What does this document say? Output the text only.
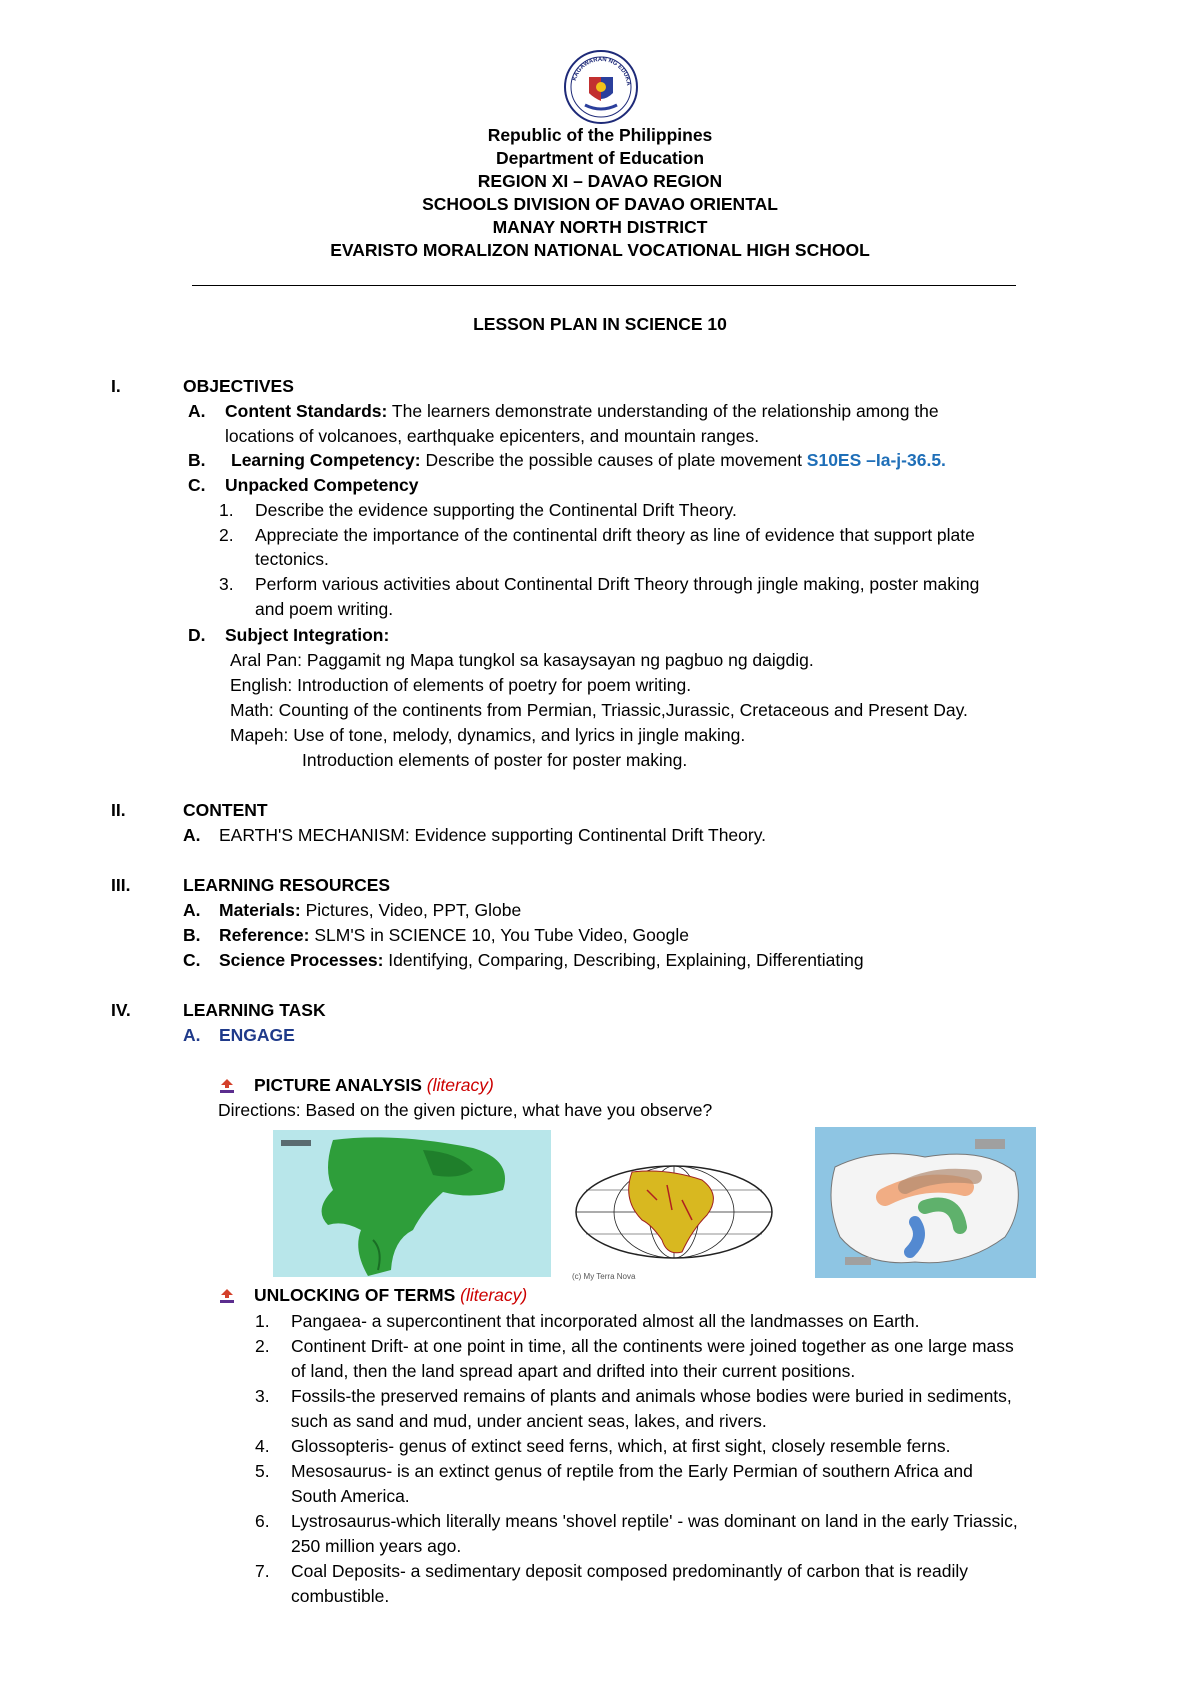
KAGAWARAN NG EDUKA
Republic of the Philippines
Department of Education
REGION XI – DAVAO REGION
SCHOOLS DIVISION OF DAVAO ORIENTAL
MANAY NORTH DISTRICT
EVARISTO MORALIZON NATIONAL VOCATIONAL HIGH SCHOOL
LESSON PLAN IN SCIENCE 10
I.	OBJECTIVES
A. Content Standards: The learners demonstrate understanding of the relationship among the
locations of volcanoes, earthquake epicenters, and mountain ranges.
B. Learning Competency: Describe the possible causes of plate movement S10ES –Ia-j-36.5.
C. Unpacked Competency
1. Describe the evidence supporting the Continental Drift Theory.
2. Appreciate the importance of the continental drift theory as line of evidence that support plate
tectonics.
3. Perform various activities about Continental Drift Theory through jingle making, poster making
and poem writing.
D. Subject Integration:
Aral Pan: Paggamit ng Mapa tungkol sa kasaysayan ng pagbuo ng daigdig.
English: Introduction of elements of poetry for poem writing.
Math: Counting of the continents from Permian, Triassic,Jurassic, Cretaceous and Present Day.
Mapeh: Use of tone, melody, dynamics, and lyrics in jingle making.
Introduction elements of poster for poster making.
II.	CONTENT
A. EARTH'S MECHANISM: Evidence supporting Continental Drift Theory.
III.	LEARNING RESOURCES
A. Materials: Pictures, Video, PPT, Globe
B. Reference: SLM'S in SCIENCE 10, You Tube Video, Google
C. Science Processes: Identifying, Comparing, Describing, Explaining, Differentiating
IV.	LEARNING TASK
A. ENGAGE
PICTURE ANALYSIS (literacy)
Directions: Based on the given picture, what have you observe?
(c) My Terra Nova
UNLOCKING OF TERMS (literacy)
1. Pangaea- a supercontinent that incorporated almost all the landmasses on Earth.
2. Continent Drift- at one point in time, all the continents were joined together as one large mass
of land, then the land spread apart and drifted into their current positions.
3. Fossils-the preserved remains of plants and animals whose bodies were buried in sediments,
such as sand and mud, under ancient seas, lakes, and rivers.
4. Glossopteris- genus of extinct seed ferns, which, at first sight, closely resemble ferns.
5. Mesosaurus- is an extinct genus of reptile from the Early Permian of southern Africa and
South America.
6. Lystrosaurus-which literally means 'shovel reptile' - was dominant on land in the early Triassic,
250 million years ago.
7. Coal Deposits- a sedimentary deposit composed predominantly of carbon that is readily
combustible.
